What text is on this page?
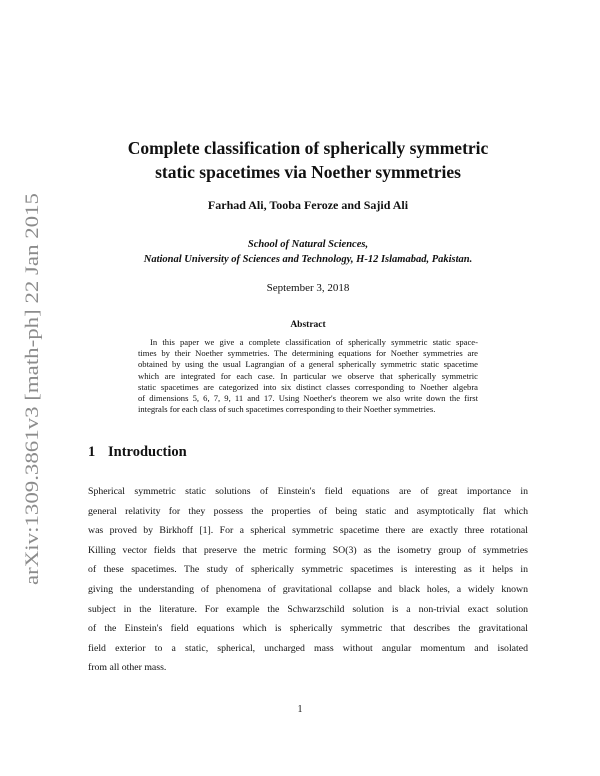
arXiv:1309.3861v3 [math-ph] 22 Jan 2015
Complete classification of spherically symmetric
static spacetimes via Noether symmetries
Farhad Ali, Tooba Feroze and Sajid Ali
School of Natural Sciences,
National University of Sciences and Technology, H-12 Islamabad, Pakistan.
September 3, 2018
Abstract
In this paper we give a complete classification of spherically symmetric static space-
times by their Noether symmetries. The determining equations for Noether symmetries are
obtained by using the usual Lagrangian of a general spherically symmetric static spacetime
which are integrated for each case. In particular we observe that spherically symmetric
static spacetimes are categorized into six distinct classes corresponding to Noether algebra
of dimensions 5, 6, 7, 9, 11 and 17. Using Noether's theorem we also write down the first
integrals for each class of such spacetimes corresponding to their Noether symmetries.
1 Introduction
Spherical symmetric static solutions of Einstein's field equations are of great importance in
general relativity for they possess the properties of being static and asymptotically flat which
was proved by Birkhoff [1]. For a spherical symmetric spacetime there are exactly three rotational
Killing vector fields that preserve the metric forming SO(3) as the isometry group of symmetries
of these spacetimes. The study of spherically symmetric spacetimes is interesting as it helps in
giving the understanding of phenomena of gravitational collapse and black holes, a widely known
subject in the literature. For example the Schwarzschild solution is a non-trivial exact solution
of the Einstein's field equations which is spherically symmetric that describes the gravitational
field exterior to a static, spherical, uncharged mass without angular momentum and isolated
from all other mass.
1
